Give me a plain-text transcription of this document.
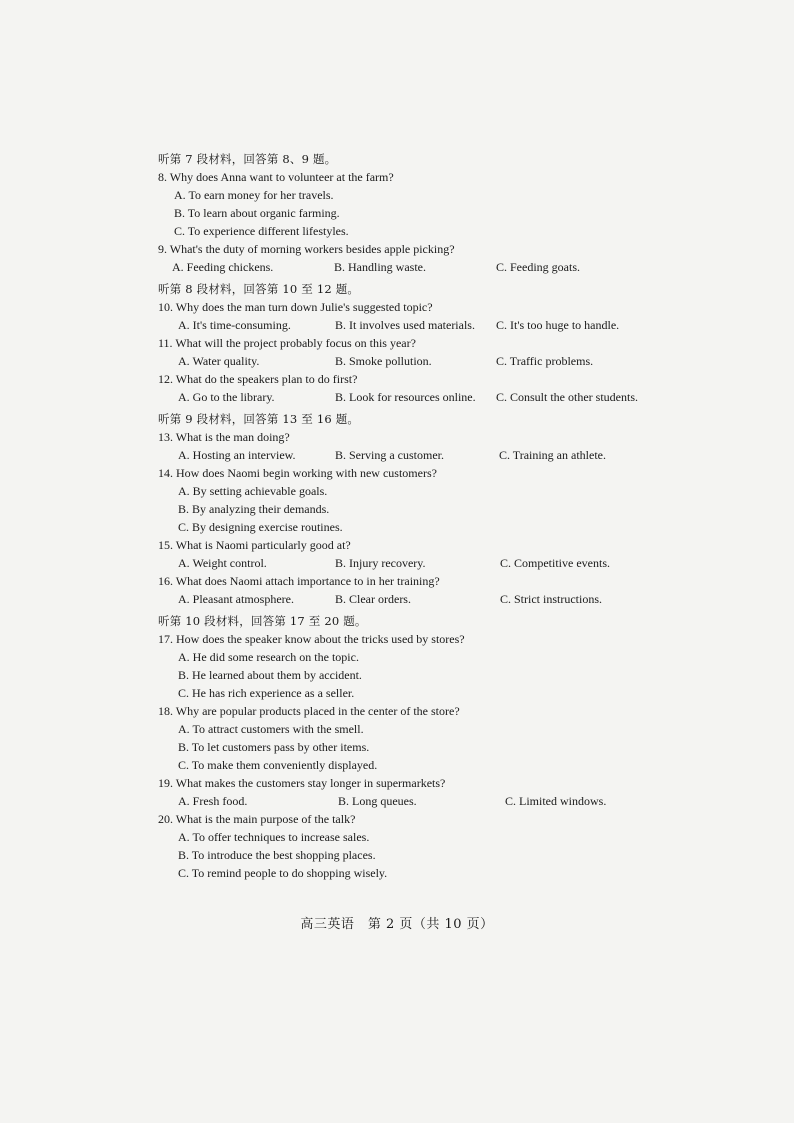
听第 7 段材料，回答第 8、9 题。
8. Why does Anna want to volunteer at the farm?
A. To earn money for her travels.
B. To learn about organic farming.
C. To experience different lifestyles.
9. What's the duty of morning workers besides apple picking?
A. Feeding chickens.	B. Handling waste.	C. Feeding goats.
听第 8 段材料，回答第 10 至 12 题。
10. Why does the man turn down Julie's suggested topic?
A. It's time-consuming.	B. It involves used materials. C. It's too huge to handle.
11. What will the project probably focus on this year?
A. Water quality.	B. Smoke pollution.	C. Traffic problems.
12. What do the speakers plan to do first?
A. Go to the library.	B. Look for resources online. C. Consult the other students.
听第 9 段材料，回答第 13 至 16 题。
13. What is the man doing?
A. Hosting an interview.	B. Serving a customer.	C. Training an athlete.
14. How does Naomi begin working with new customers?
A. By setting achievable goals.
B. By analyzing their demands.
C. By designing exercise routines.
15. What is Naomi particularly good at?
A. Weight control.	B. Injury recovery.	C. Competitive events.
16. What does Naomi attach importance to in her training?
A. Pleasant atmosphere.	B. Clear orders.	C. Strict instructions.
听第 10 段材料，回答第 17 至 20 题。
17. How does the speaker know about the tricks used by stores?
A. He did some research on the topic.
B. He learned about them by accident.
C. He has rich experience as a seller.
18. Why are popular products placed in the center of the store?
A. To attract customers with the smell.
B. To let customers pass by other items.
C. To make them conveniently displayed.
19. What makes the customers stay longer in supermarkets?
A. Fresh food.	B. Long queues.	C. Limited windows.
20. What is the main purpose of the talk?
A. To offer techniques to increase sales.
B. To introduce the best shopping places.
C. To remind people to do shopping wisely.
高三英语　第 2 页（共 10 页）
